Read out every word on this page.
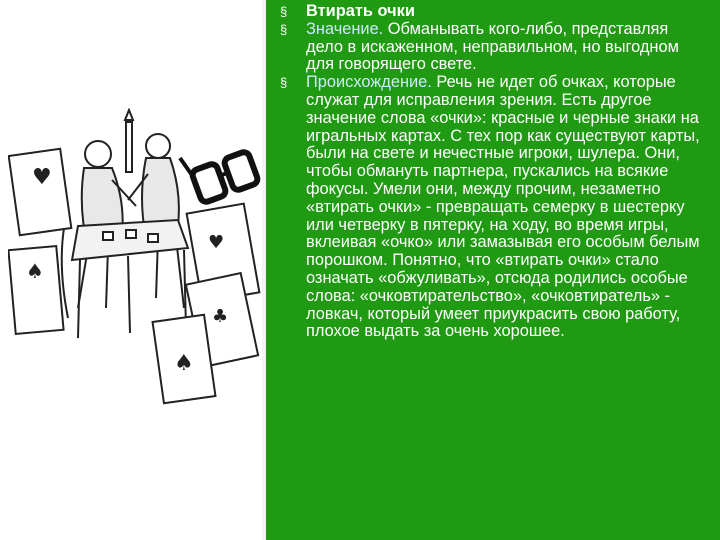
♥
♠
♥
♣
♠

§ Втирать очки

§ Значение. Обманывать кого-либо, представляя дело в искаженном, неправильном, но выгодном для говорящего свете.

§ Происхождение. Речь не идет об очках, которые служат для исправления зрения. Есть другое значение слова «очки»: красные и черные знаки на игральных картах. С тех пор как существуют карты, были на свете и нечестные игроки, шулера. Они, чтобы обмануть партнера, пускались на всякие фокусы. Умели они, между прочим, незаметно «втирать очки» - превращать семерку в шестерку или четверку в пятерку, на ходу, во время игры, вклеивая «очко» или замазывая его особым белым порошком. Понятно, что «втирать очки» стало означать «обжуливать», отсюда родились особые слова: «очковтирательство», «очковтиратель» - ловкач, который умеет приукрасить свою работу, плохое выдать за очень хорошее.
